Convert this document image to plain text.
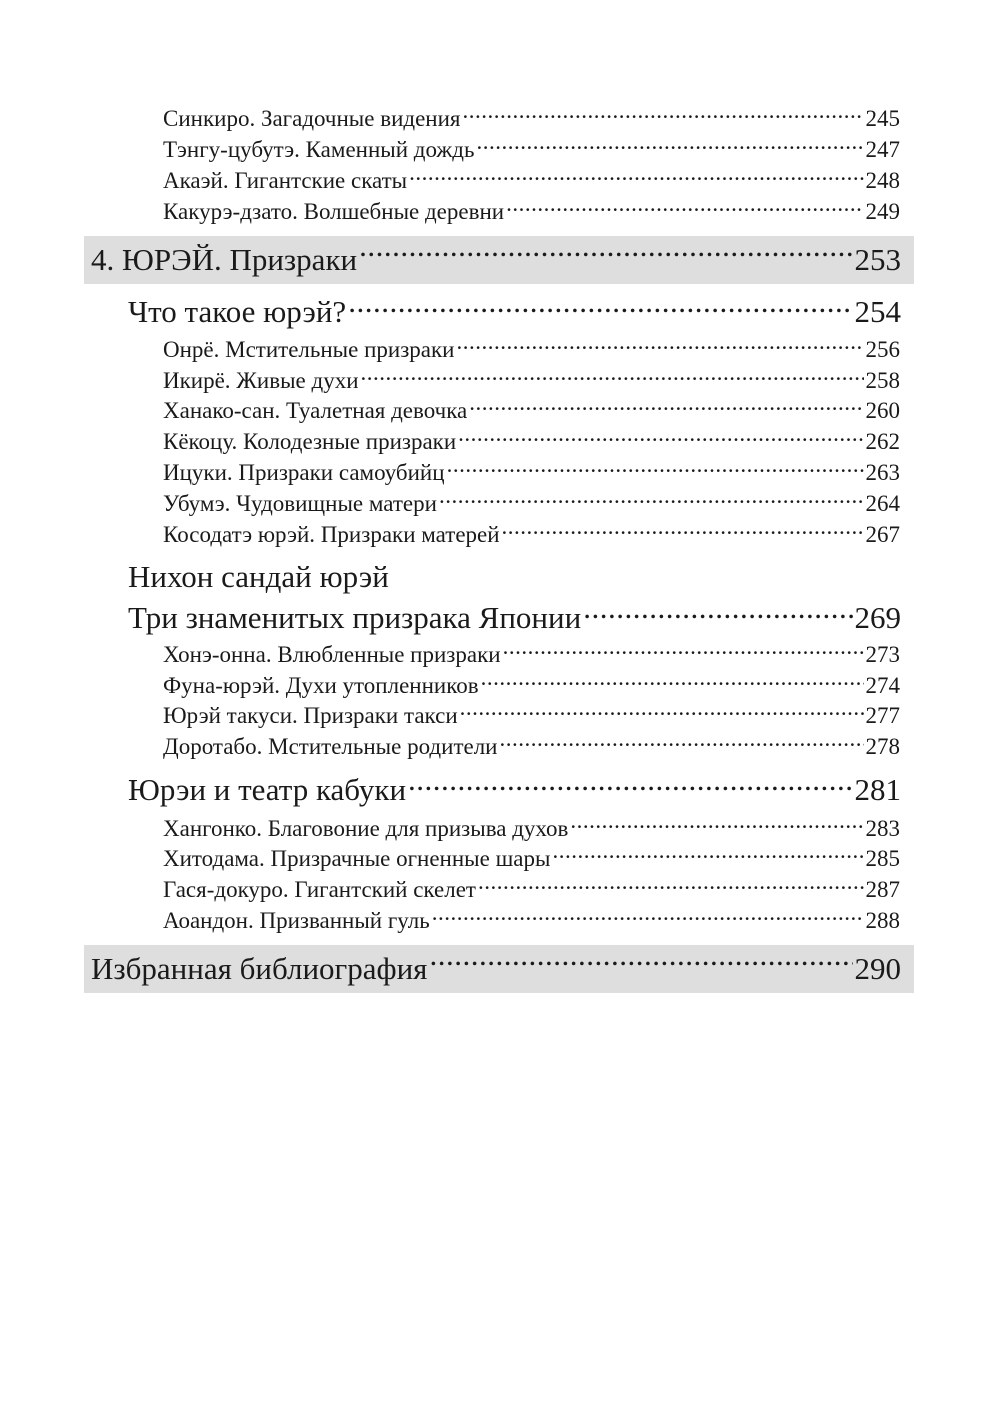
Синкиро. Загадочные видения .....	245
Тэнгу-цубутэ. Каменный дождь .....	247
Акаэй. Гигантские скаты .....	248
Какурэ-дзато. Волшебные деревни .....	249
4. ЮРЭЙ. Призраки .....	253
Что такое юрэй? .....	254
Онрё. Мстительные призраки .....	256
Икирё. Живые духи .....	258
Ханако-сан. Туалетная девочка .....	260
Кёкоцу. Колодезные призраки .....	262
Ицуки. Призраки самоубийц .....	263
Убумэ. Чудовищные матери .....	264
Косодатэ юрэй. Призраки матерей .....	267
Нихон сандай юрэй
Три знаменитых призрака Японии .....	269
Хонэ-онна. Влюбленные призраки .....	273
Фуна-юрэй. Духи утопленников .....	274
Юрэй такуси. Призраки такси .....	277
Доротабо. Мстительные родители .....	278
Юрэи и театр кабуки .....	281
Хангонко. Благовоние для призыва духов .....	283
Хитодама. Призрачные огненные шары .....	285
Гася-докуро. Гигантский скелет .....	287
Аоандон. Призванный гуль .....	288
Избранная библиография .....	290
